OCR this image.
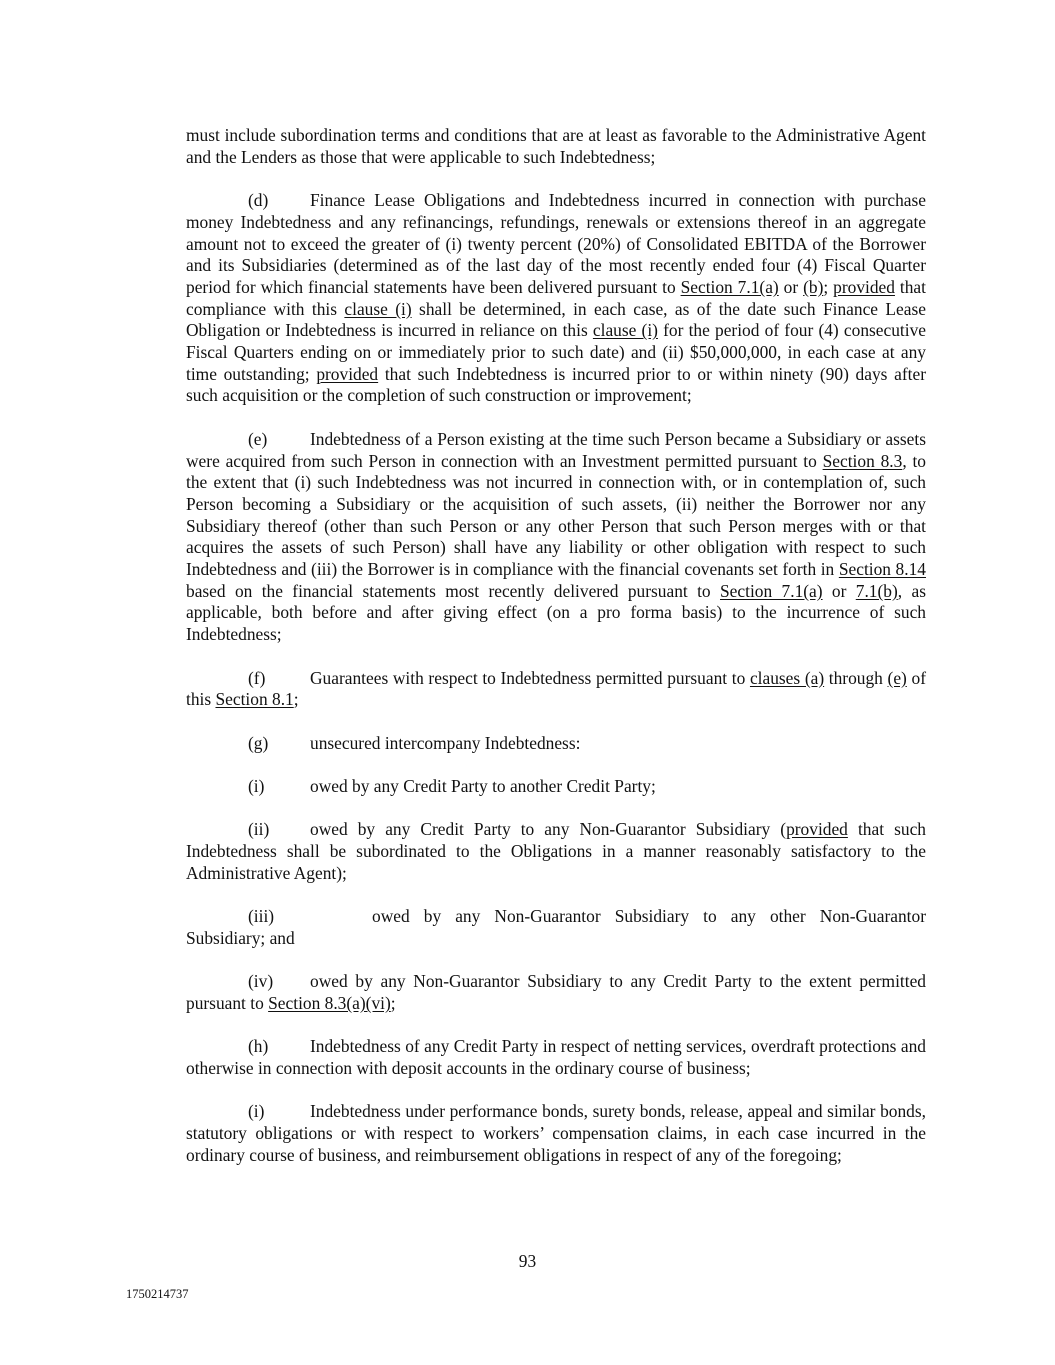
must include subordination terms and conditions that are at least as favorable to the Administrative Agent and the Lenders as those that were applicable to such Indebtedness;

(d) Finance Lease Obligations and Indebtedness incurred in connection with purchase money Indebtedness and any refinancings, refundings, renewals or extensions thereof in an aggregate amount not to exceed the greater of (i) twenty percent (20%) of Consolidated EBITDA of the Borrower and its Subsidiaries (determined as of the last day of the most recently ended four (4) Fiscal Quarter period for which financial statements have been delivered pursuant to Section 7.1(a) or (b); provided that compliance with this clause (i) shall be determined, in each case, as of the date such Finance Lease Obligation or Indebtedness is incurred in reliance on this clause (i) for the period of four (4) consecutive Fiscal Quarters ending on or immediately prior to such date) and (ii) $50,000,000, in each case at any time outstanding; provided that such Indebtedness is incurred prior to or within ninety (90) days after such acquisition or the completion of such construction or improvement;

(e) Indebtedness of a Person existing at the time such Person became a Subsidiary or assets were acquired from such Person in connection with an Investment permitted pursuant to Section 8.3, to the extent that (i) such Indebtedness was not incurred in connection with, or in contemplation of, such Person becoming a Subsidiary or the acquisition of such assets, (ii) neither the Borrower nor any Subsidiary thereof (other than such Person or any other Person that such Person merges with or that acquires the assets of such Person) shall have any liability or other obligation with respect to such Indebtedness and (iii) the Borrower is in compliance with the financial covenants set forth in Section 8.14 based on the financial statements most recently delivered pursuant to Section 7.1(a) or 7.1(b), as applicable, both before and after giving effect (on a pro forma basis) to the incurrence of such Indebtedness;

(f)	Guarantees with respect to Indebtedness permitted pursuant to clauses (a) through (e) of this Section 8.1;

(g) unsecured intercompany Indebtedness:

(i)	owed by any Credit Party to another Credit Party;

(ii) owed by any Credit Party to any Non-Guarantor Subsidiary (provided that such Indebtedness shall be subordinated to the Obligations in a manner reasonably satisfactory to the Administrative Agent);

(iii)	owed by any Non-Guarantor Subsidiary to any other Non-Guarantor Subsidiary; and

(iv) owed by any Non-Guarantor Subsidiary to any Credit Party to the extent permitted pursuant to Section 8.3(a)(vi);

(h) Indebtedness of any Credit Party in respect of netting services, overdraft protections and otherwise in connection with deposit accounts in the ordinary course of business;

(i)	Indebtedness under performance bonds, surety bonds, release, appeal and similar bonds, statutory obligations or with respect to workers’ compensation claims, in each case incurred in the ordinary course of business, and reimbursement obligations in respect of any of the foregoing;

93
1750214737
